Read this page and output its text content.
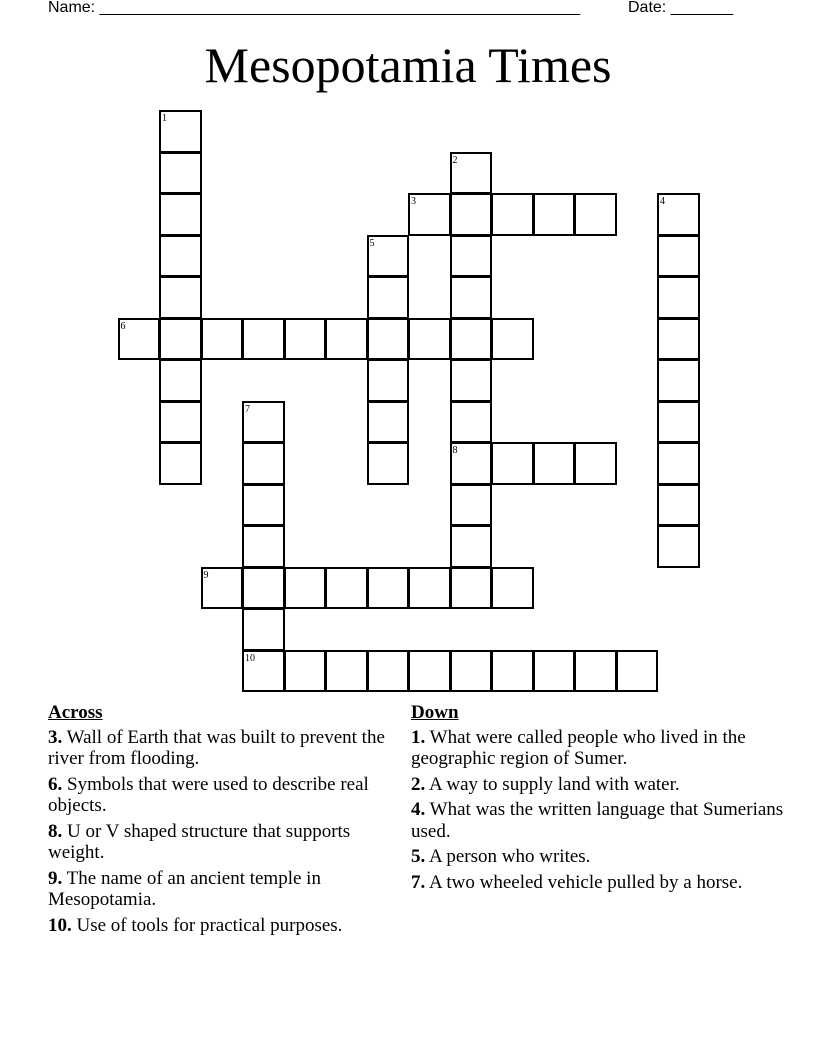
Name: ______________________________________________________	Date: _______
Mesopotamia Times
1
2
3	4
5
6
7
8
9
10
Across
3. Wall of Earth that was built to prevent the river from flooding.
6. Symbols that were used to describe real objects.
8. U or V shaped structure that supports weight.
9. The name of an ancient temple in Mesopotamia.
10. Use of tools for practical purposes.
Down
1. What were called people who lived in the geographic region of Sumer.
2. A way to supply land with water.
4. What was the written language that Sumerians used.
5. A person who writes.
7. A two wheeled vehicle pulled by a horse.
